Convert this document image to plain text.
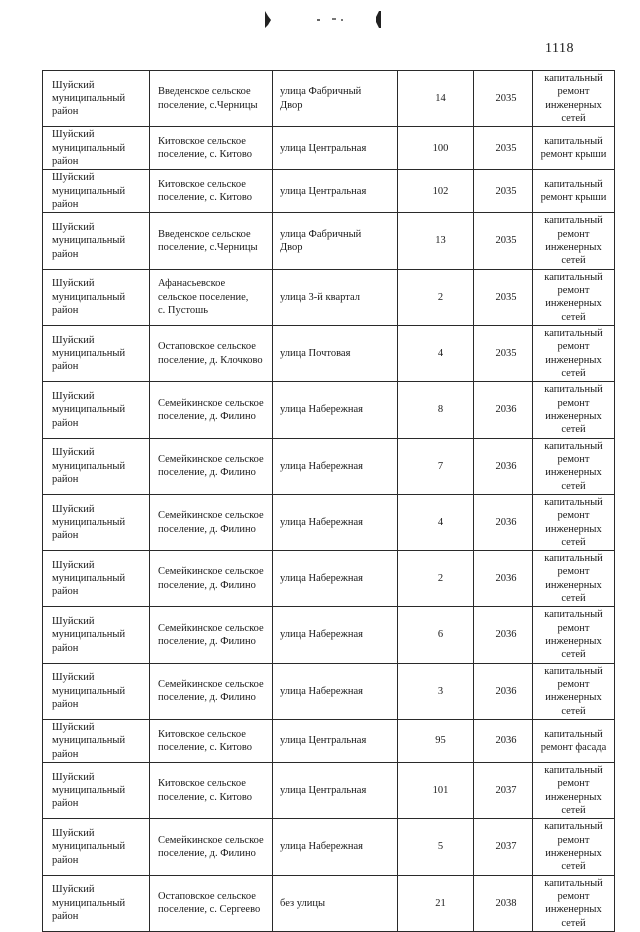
1118
Шуйский
муниципальный
район	Введенское сельское
поселение, с.Черницы	улица Фабричный
Двор	14	2035	капитальный
ремонт
инженерных
сетей

Шуйский
муниципальный
район	Китовское сельское
поселение, с. Китово	улица Центральная	100	2035	капитальный
ремонт крыши

Шуйский
муниципальный
район	Китовское сельское
поселение, с. Китово	улица Центральная	102	2035	капитальный
ремонт крыши

Шуйский
муниципальный
район	Введенское сельское
поселение, с.Черницы	улица Фабричный
Двор	13	2035	капитальный
ремонт
инженерных
сетей

Шуйский
муниципальный
район	Афанасьевское
сельское поселение,
с. Пустошь	улица 3-й квартал	2	2035	капитальный
ремонт
инженерных
сетей

Шуйский
муниципальный
район	Остаповское сельское
поселение, д. Клочково	улица Почтовая	4	2035	капитальный
ремонт
инженерных
сетей

Шуйский
муниципальный
район	Семейкинское сельское
поселение, д. Филино	улица Набережная	8	2036	капитальный
ремонт
инженерных
сетей

Шуйский
муниципальный
район	Семейкинское сельское
поселение, д. Филино	улица Набережная	7	2036	капитальный
ремонт
инженерных
сетей

Шуйский
муниципальный
район	Семейкинское сельское
поселение, д. Филино	улица Набережная	4	2036	капитальный
ремонт
инженерных
сетей

Шуйский
муниципальный
район	Семейкинское сельское
поселение, д. Филино	улица Набережная	2	2036	капитальный
ремонт
инженерных
сетей

Шуйский
муниципальный
район	Семейкинское сельское
поселение, д. Филино	улица Набережная	6	2036	капитальный
ремонт
инженерных
сетей

Шуйский
муниципальный
район	Семейкинское сельское
поселение, д. Филино	улица Набережная	3	2036	капитальный
ремонт
инженерных
сетей

Шуйский
муниципальный
район	Китовское сельское
поселение, с. Китово	улица Центральная	95	2036	капитальный
ремонт фасада

Шуйский
муниципальный
район	Китовское сельское
поселение, с. Китово	улица Центральная	101	2037	капитальный
ремонт
инженерных
сетей

Шуйский
муниципальный
район	Семейкинское сельское
поселение, д. Филино	улица Набережная	5	2037	капитальный
ремонт
инженерных
сетей

Шуйский
муниципальный
район	Остаповское сельское
поселение, с. Сергеево	без улицы	21	2038	капитальный
ремонт
инженерных
сетей
